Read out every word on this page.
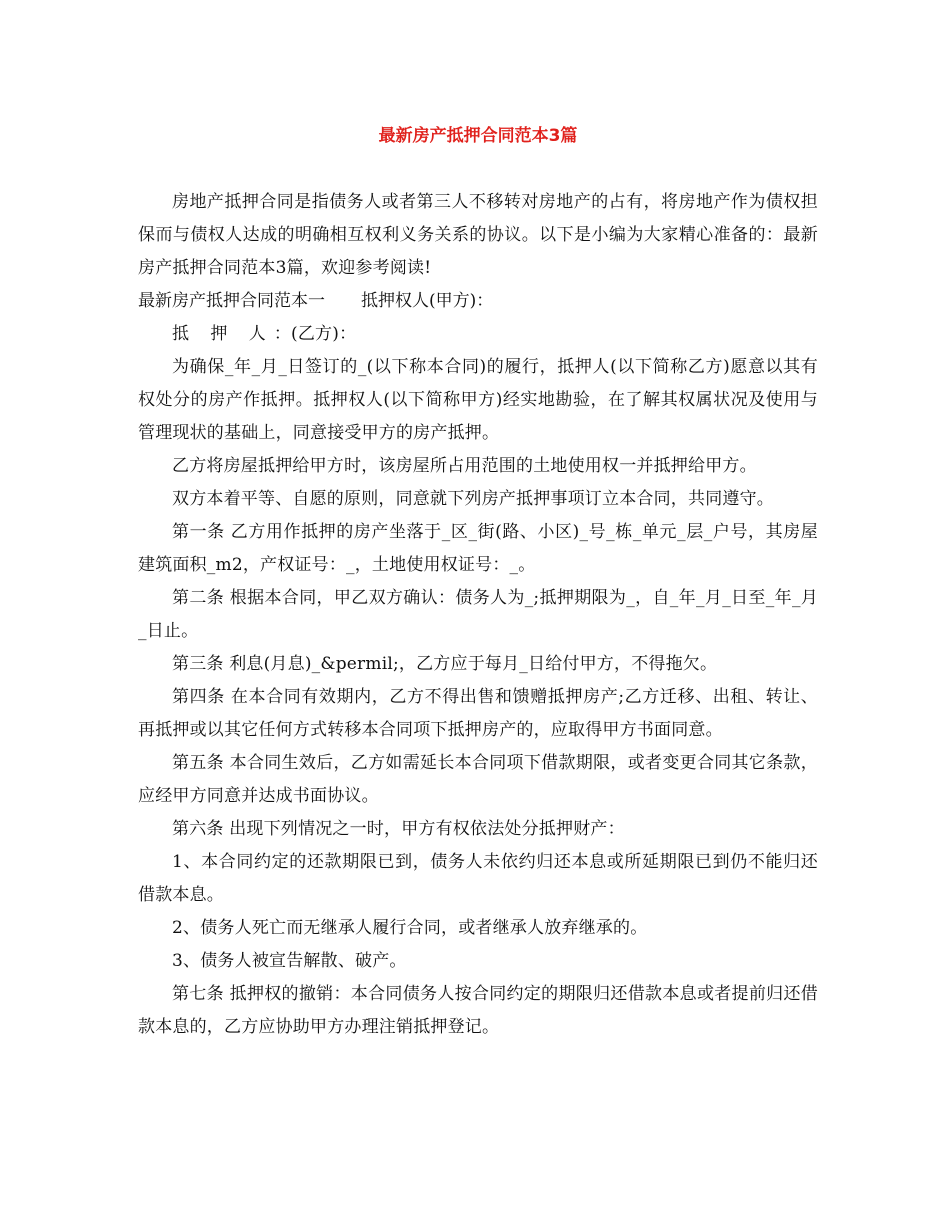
最新房产抵押合同范本3篇

房地产抵押合同是指债务人或者第三人不移转对房地产的占有，将房地产作为债权担保而与债权人达成的明确相互权利义务关系的协议。以下是小编为大家精心准备的：最新房产抵押合同范本3篇，欢迎参考阅读!

最新房产抵押合同范本一 抵押权人(甲方)：

抵 押 人：(乙方)：

为确保_年_月_日签订的_(以下称本合同)的履行，抵押人(以下简称乙方)愿意以其有权处分的房产作抵押。抵押权人(以下简称甲方)经实地勘验，在了解其权属状况及使用与管理现状的基础上，同意接受甲方的房产抵押。

乙方将房屋抵押给甲方时，该房屋所占用范围的土地使用权一并抵押给甲方。

双方本着平等、自愿的原则，同意就下列房产抵押事项订立本合同，共同遵守。

第一条 乙方用作抵押的房产坐落于_区_街(路、小区)_号_栋_单元_层_户号，其房屋建筑面积_m2，产权证号：_，土地使用权证号：_。

第二条 根据本合同，甲乙双方确认：债务人为_;抵押期限为_，自_年_月_日至_年_月_日止。

第三条 利息(月息)_&permil;，乙方应于每月_日给付甲方，不得拖欠。

第四条 在本合同有效期内，乙方不得出售和馈赠抵押房产;乙方迁移、出租、转让、再抵押或以其它任何方式转移本合同项下抵押房产的，应取得甲方书面同意。

第五条 本合同生效后，乙方如需延长本合同项下借款期限，或者变更合同其它条款，应经甲方同意并达成书面协议。

第六条 出现下列情况之一时，甲方有权依法处分抵押财产：

1、本合同约定的还款期限已到，债务人未依约归还本息或所延期限已到仍不能归还借款本息。

2、债务人死亡而无继承人履行合同，或者继承人放弃继承的。

3、债务人被宣告解散、破产。

第七条 抵押权的撤销：本合同债务人按合同约定的期限归还借款本息或者提前归还借款本息的，乙方应协助甲方办理注销抵押登记。
